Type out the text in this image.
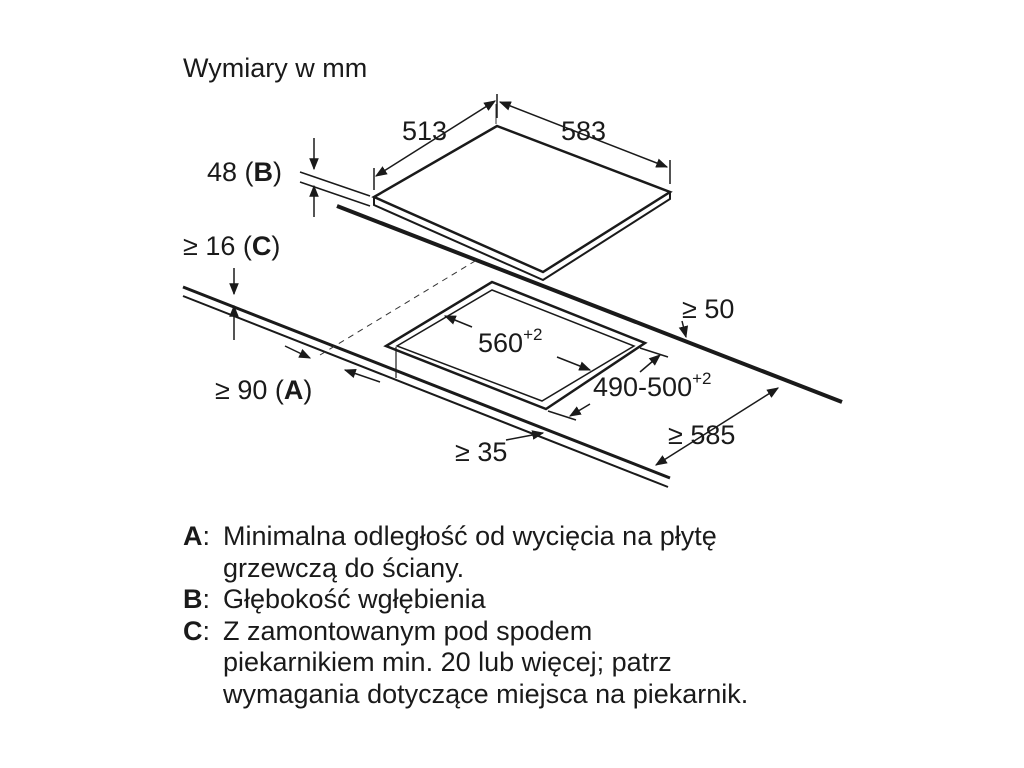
Wymiary w mm
513	583
48 (B)
≥ 16 (C)
≥ 50
$560^{+2}$
$490-500^{+2}$
≥ 90 (A)
≥ 35
≥ 585
A: Minimalna odległość od wycięcia na płytę
grzewczą do ściany.
B: Głębokość wgłębienia
C: Z zamontowanym pod spodem
piekarnikiem min. 20 lub więcej; patrz
wymagania dotyczące miejsca na piekarnik.
